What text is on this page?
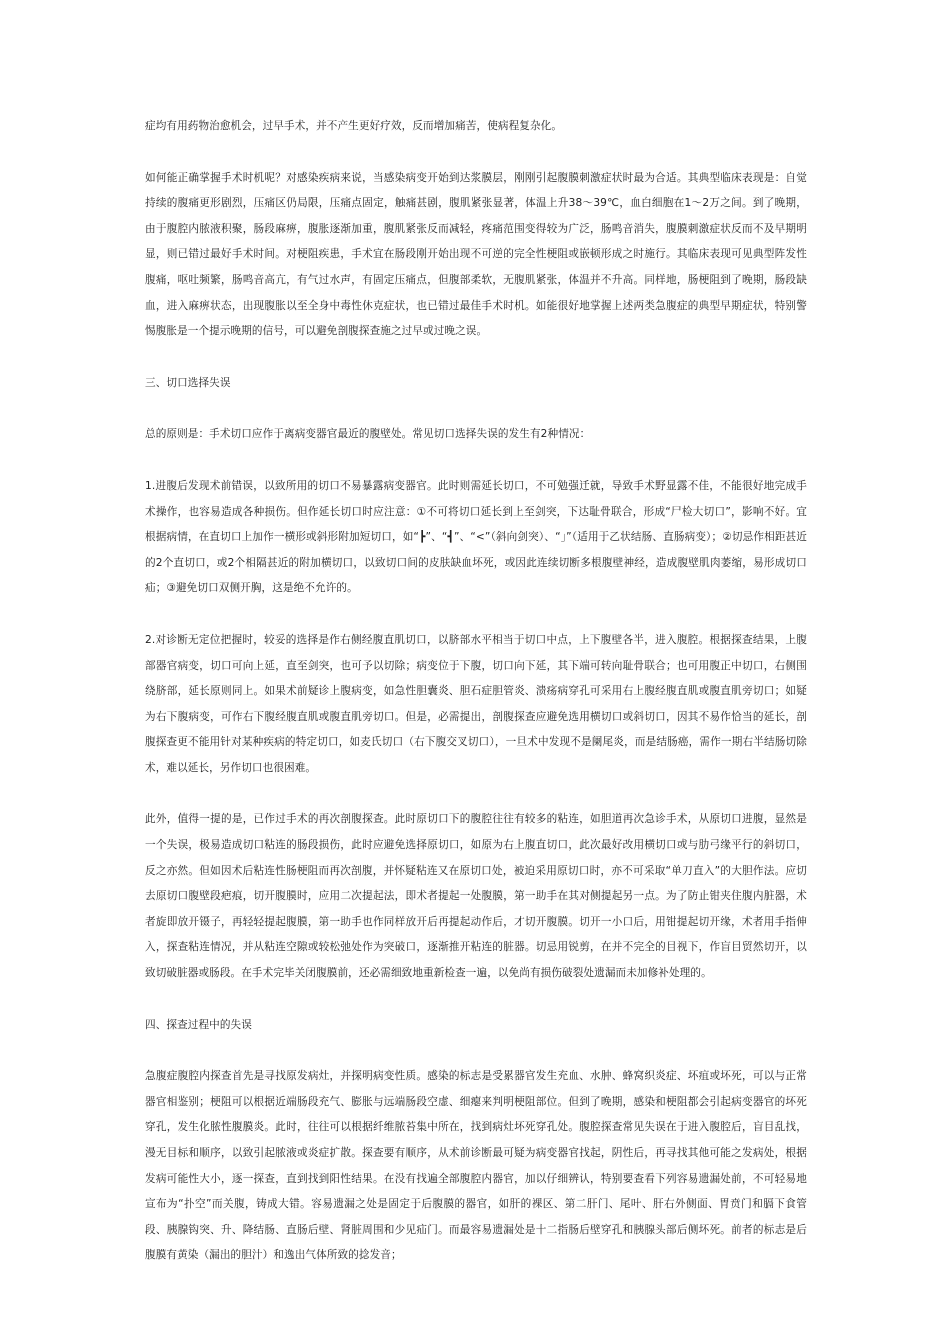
症均有用药物治愈机会，过早手术，并不产生更好疗效，反而增加痛苦，使病程复杂化。

如何能正确掌握手术时机呢？对感染疾病来说，当感染病变开始到达浆膜层，刚刚引起腹膜刺激症状时最为合适。其典型临床表现是：自觉持续的腹痛更形剧烈，压痛区仍局限，压痛点固定，触痛甚剧，腹肌紧张显著，体温上升38～39℃，血白细胞在1～2万之间。到了晚期，由于腹腔内脓液积聚，肠段麻痹，腹胀逐渐加重，腹肌紧张反而减轻，疼痛范围变得较为广泛，肠鸣音消失，腹膜刺激症状反而不及早期明显，则已错过最好手术时间。对梗阻疾患，手术宜在肠段刚开始出现不可逆的完全性梗阻或嵌顿形成之时施行。其临床表现可见典型阵发性腹痛，呕吐频繁，肠鸣音高亢，有气过水声，有固定压痛点，但腹部柔软，无腹肌紧张，体温并不升高。同样地，肠梗阻到了晚期，肠段缺血，进入麻痹状态，出现腹胀以至全身中毒性休克症状，也已错过最佳手术时机。如能很好地掌握上述两类急腹症的典型早期症状，特别警惕腹胀是一个提示晚期的信号，可以避免剖腹探查施之过早或过晚之误。

三、切口选择失误

总的原则是：手术切口应作于离病变器官最近的腹壁处。常见切口选择失误的发生有2种情况：

1.进腹后发现术前错误，以致所用的切口不易暴露病变器官。此时则需延长切口，不可勉强迁就，导致手术野显露不佳，不能很好地完成手术操作，也容易造成各种损伤。但作延长切口时应注意：①不可将切口延长到上至剑突，下达耻骨联合，形成“尸检大切口”，影响不好。宜根据病情，在直切口上加作一横形或斜形附加短切口，如“┣”、“┫”、“<”（斜向剑突）、“」”（适用于乙状结肠、直肠病变）；②切忌作相距甚近的2个直切口，或2个相隔甚近的附加横切口，以致切口间的皮肤缺血坏死，或因此连续切断多根腹壁神经，造成腹壁肌肉萎缩，易形成切口疝；③避免切口双侧开胸，这是绝不允许的。

2.对诊断无定位把握时，较妥的选择是作右侧经腹直肌切口，以脐部水平相当于切口中点，上下腹壁各半，进入腹腔。根据探查结果，上腹部器官病变，切口可向上延，直至剑突，也可予以切除；病变位于下腹，切口向下延，其下端可转向耻骨联合；也可用腹正中切口，右侧围绕脐部，延长原则同上。如果术前疑诊上腹病变，如急性胆囊炎、胆石症胆管炎、溃疡病穿孔可采用右上腹经腹直肌或腹直肌旁切口；如疑为右下腹病变，可作右下腹经腹直肌或腹直肌旁切口。但是，必需提出，剖腹探查应避免选用横切口或斜切口，因其不易作恰当的延长，剖腹探查更不能用针对某种疾病的特定切口，如麦氏切口（右下腹交叉切口），一旦术中发现不是阑尾炎，而是结肠癌，需作一期右半结肠切除术，难以延长，另作切口也很困难。

此外，值得一提的是，已作过手术的再次剖腹探查。此时原切口下的腹腔往往有较多的粘连，如胆道再次急诊手术，从原切口进腹，显然是一个失误，极易造成切口粘连的肠段损伤，此时应避免选择原切口，如原为右上腹直切口，此次最好改用横切口或与肋弓缘平行的斜切口，反之亦然。但如因术后粘连性肠梗阻而再次剖腹，并怀疑粘连又在原切口处，被迫采用原切口时，亦不可采取“单刀直入”的大胆作法。应切去原切口腹壁段疤痕，切开腹膜时，应用二次提起法，即术者提起一处腹膜，第一助手在其对侧提起另一点。为了防止钳夹住腹内脏器，术者旋即放开镊子，再轻轻提起腹膜，第一助手也作同样放开后再提起动作后，才切开腹膜。切开一小口后，用钳提起切开缘，术者用手指伸入，探查粘连情况，并从粘连空隙或较松弛处作为突破口，逐渐推开粘连的脏器。切忌用锐剪，在并不完全的目视下，作盲目贸然切开，以致切破脏器或肠段。在手术完毕关闭腹膜前，还必需细致地重新检查一遍，以免尚有损伤破裂处遗漏而未加修补处理的。

四、探查过程中的失误

急腹症腹腔内探查首先是寻找原发病灶，并探明病变性质。感染的标志是受累器官发生充血、水肿、蜂窝织炎症、坏疽或坏死，可以与正常器官相鉴别；梗阻可以根据近端肠段充气、膨胀与远端肠段空虚、细瘪来判明梗阻部位。但到了晚期，感染和梗阻都会引起病变器官的坏死穿孔，发生化脓性腹膜炎。此时，往往可以根据纤维脓苔集中所在，找到病灶坏死穿孔处。腹腔探查常见失误在于进入腹腔后，盲目乱找，漫无目标和顺序，以致引起脓液或炎症扩散。探查要有顺序，从术前诊断最可疑为病变器官找起，阴性后，再寻找其他可能之发病处，根据发病可能性大小，逐一探查，直到找到阳性结果。在没有找遍全部腹腔内器官，加以仔细辨认，特别要查看下列容易遗漏处前，不可轻易地宣布为“扑空”而关腹，铸成大错。容易遗漏之处是固定于后腹膜的器官，如肝的裸区、第二肝门、尾叶、肝右外侧面、胃贲门和膈下食管段、胰腺钩突、升、降结肠、直肠后壁、肾脏周围和少见疝门。而最容易遗漏处是十二指肠后壁穿孔和胰腺头部后侧坏死。前者的标志是后腹膜有黄染（漏出的胆汁）和逸出气体所致的捻发音；
